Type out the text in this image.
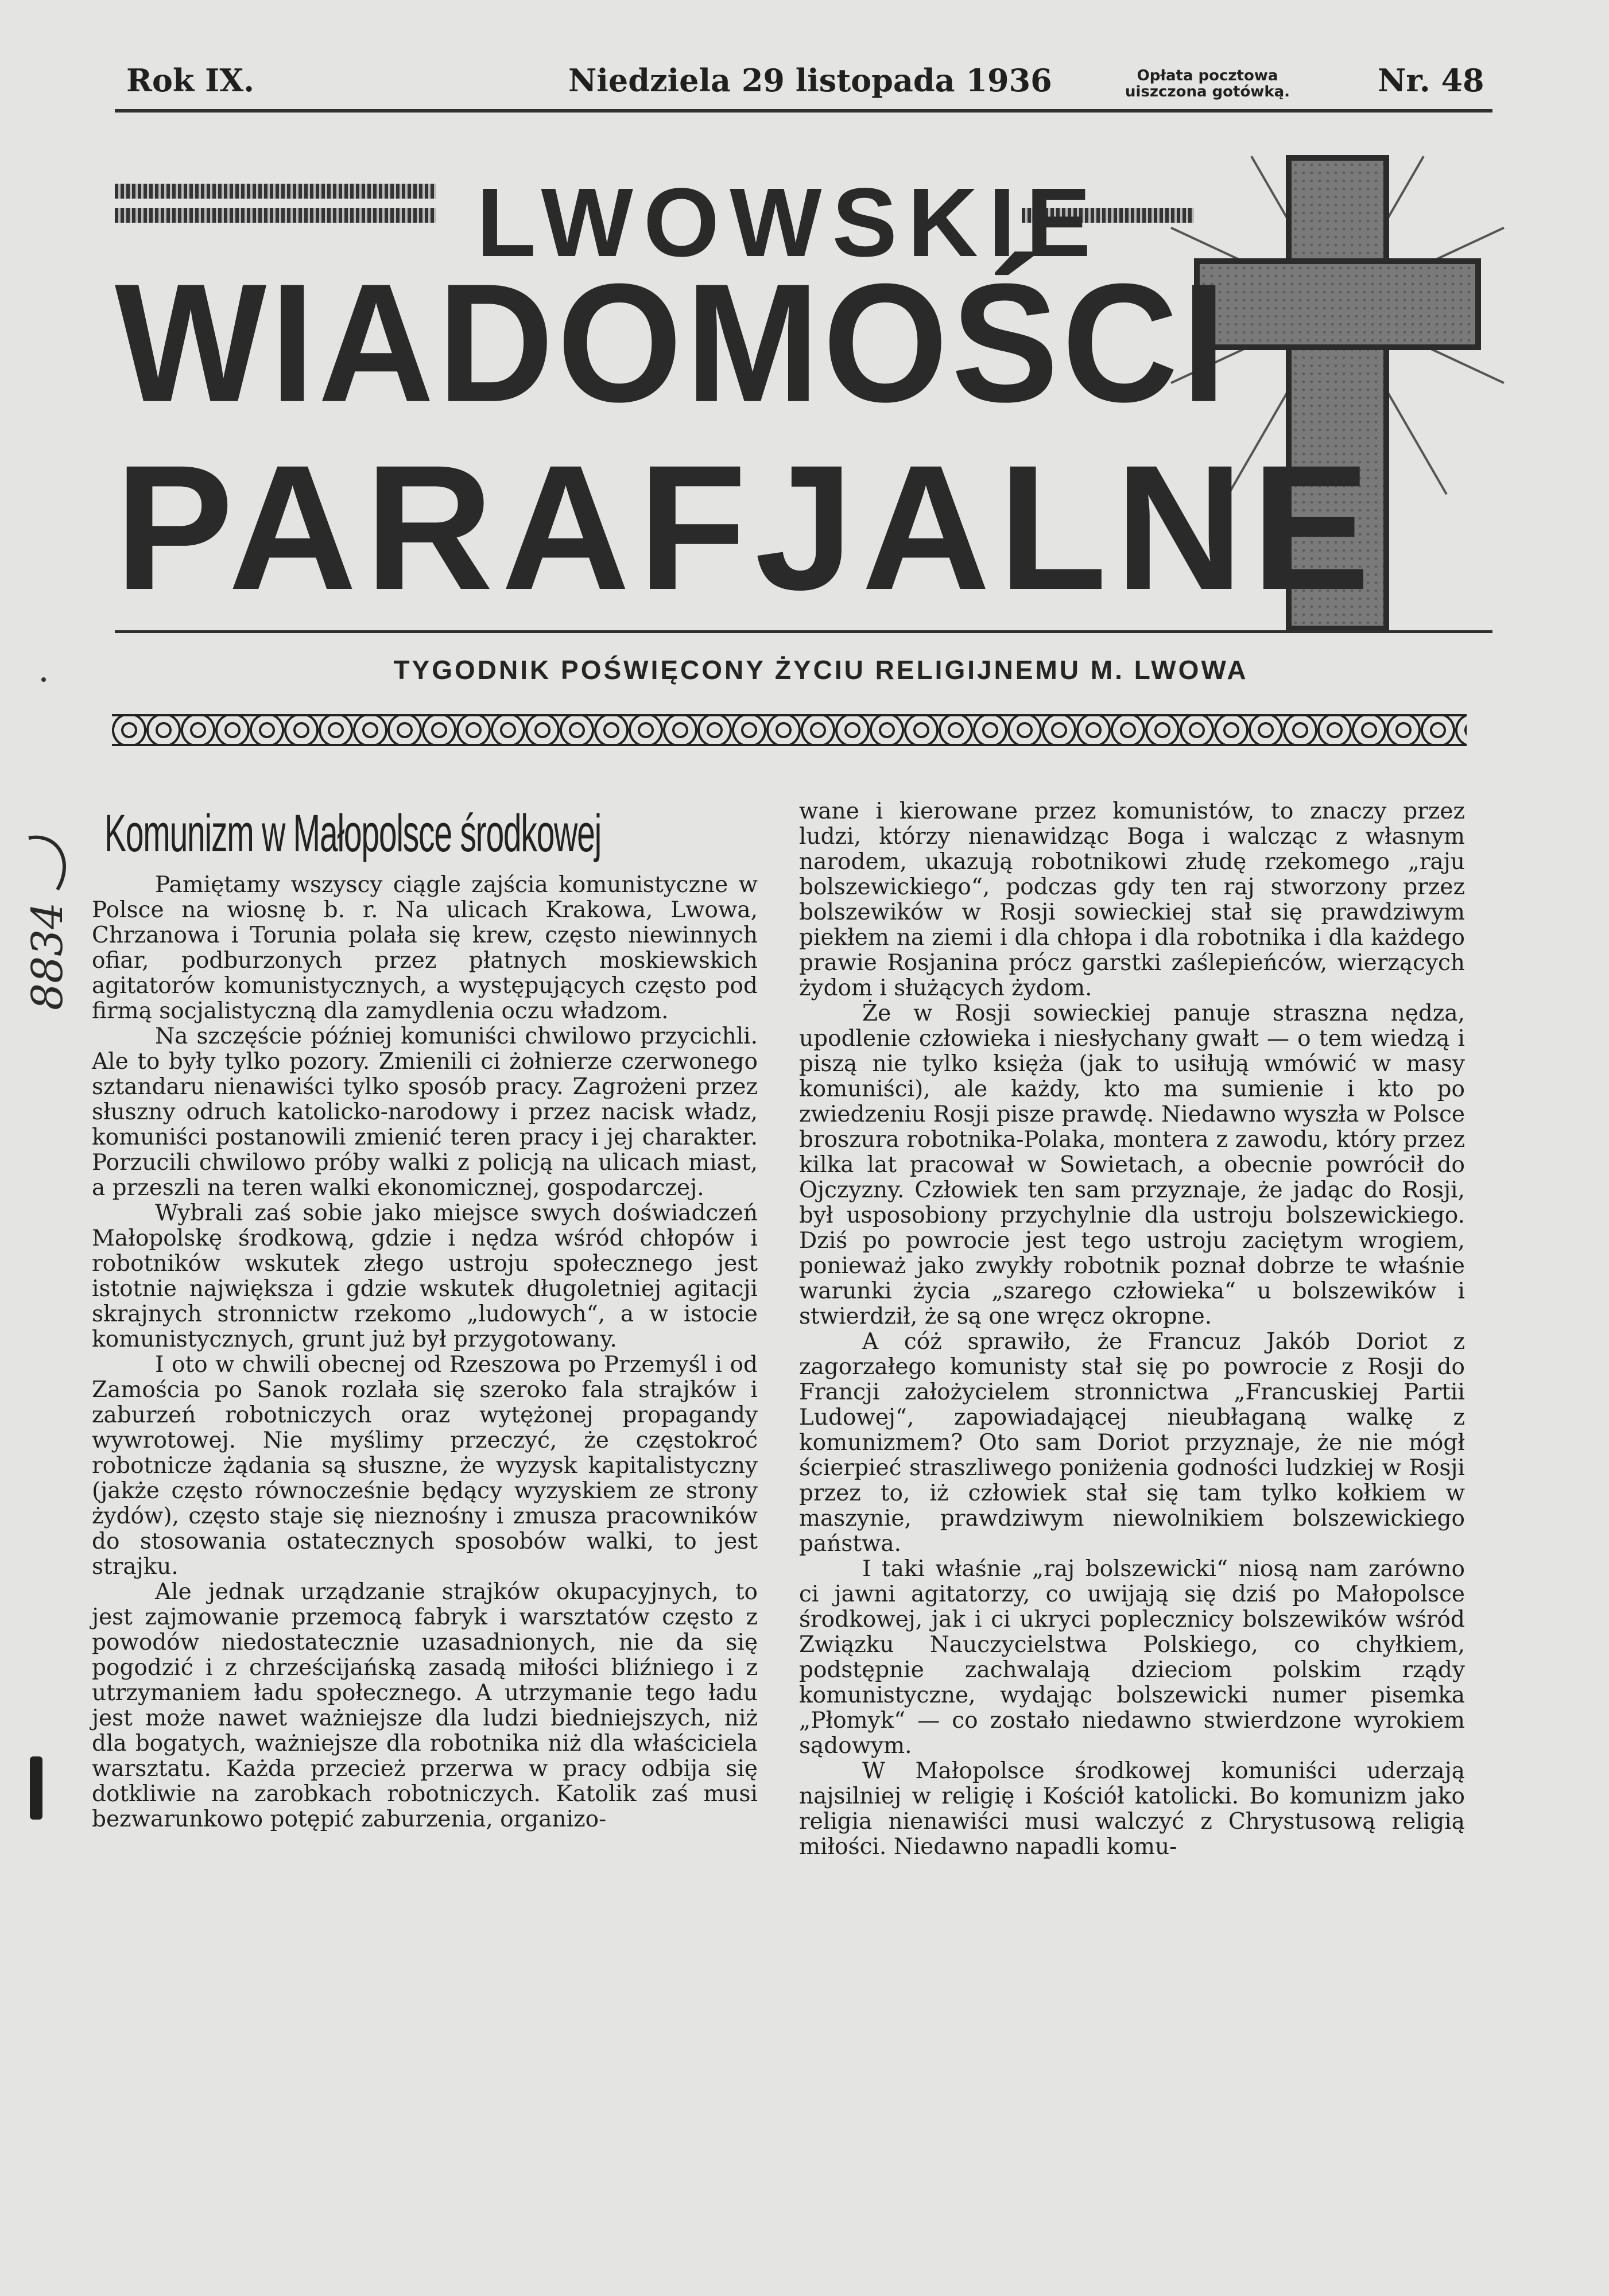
Rok IX.	Niedziela 29 listopada 1936	Opłata pocztowa
uiszczona gotówką.	Nr. 48
LWOWSKIE
WIADOMOŚCI
PARAFJALNE
TYGODNIK POŚWIĘCONY ŻYCIU RELIGIJNEMU M. LWOWA
8834
Komunizm w Małopolsce środkowej

Pamiętamy wszyscy ciągle zajścia komunistyczne w Polsce na wiosnę b. r. Na ulicach Krakowa, Lwowa, Chrzanowa i Torunia polała się krew, często niewinnych ofiar, podburzonych przez płatnych moskiewskich agitatorów komunistycznych, a występujących często pod firmą socjalistyczną dla zamydlenia oczu władzom.

Na szczęście później komuniści chwilowo przycichli. Ale to były tylko pozory. Zmienili ci żołnierze czerwonego sztandaru nienawiści tylko sposób pracy. Zagrożeni przez słuszny odruch katolicko-narodowy i przez nacisk władz, komuniści postanowili zmienić teren pracy i jej charakter. Porzucili chwilowo próby walki z policją na ulicach miast, a przeszli na teren walki ekonomicznej, gospodarczej.

Wybrali zaś sobie jako miejsce swych doświadczeń Małopolskę środkową, gdzie i nędza wśród chłopów i robotników wskutek złego ustroju społecznego jest istotnie największa i gdzie wskutek długoletniej agitacji skrajnych stronnictw rzekomo „ludowych“, a w istocie komunistycznych, grunt już był przygotowany.

I oto w chwili obecnej od Rzeszowa po Przemyśl i od Zamościa po Sanok rozlała się szeroko fala strajków i zaburzeń robotniczych oraz wytężonej propagandy wywrotowej. Nie myślimy przeczyć, że częstokroć robotnicze żądania są słuszne, że wyzysk kapitalistyczny (jakże często równocześnie będący wyzyskiem ze strony żydów), często staje się nieznośny i zmusza pracowników do stosowania ostatecznych sposobów walki, to jest strajku.

Ale jednak urządzanie strajków okupacyjnych, to jest zajmowanie przemocą fabryk i warsztatów często z powodów niedostatecznie uzasadnionych, nie da się pogodzić i z chrześcijańską zasadą miłości bliźniego i z utrzymaniem ładu społecznego. A utrzymanie tego ładu jest może nawet ważniejsze dla ludzi biedniejszych, niż dla bogatych, ważniejsze dla robotnika niż dla właściciela warsztatu. Każda przecież przerwa w pracy odbija się dotkliwie na zarobkach robotniczych. Katolik zaś musi bezwarunkowo potępić zaburzenia, organizo-

wane i kierowane przez komunistów, to znaczy przez ludzi, którzy nienawidząc Boga i walcząc z własnym narodem, ukazują robotnikowi złudę rzekomego „raju bolszewickiego“, podczas gdy ten raj stworzony przez bolszewików w Rosji sowieckiej stał się prawdziwym piekłem na ziemi i dla chłopa i dla robotnika i dla każdego prawie Rosjanina prócz garstki zaślepieńców, wierzących żydom i służących żydom.

Że w Rosji sowieckiej panuje straszna nędza, upodlenie człowieka i niesłychany gwałt — o tem wiedzą i piszą nie tylko księża (jak to usiłują wmówić w masy komuniści), ale każdy, kto ma sumienie i kto po zwiedzeniu Rosji pisze prawdę. Niedawno wyszła w Polsce broszura robotnika-Polaka, montera z zawodu, który przez kilka lat pracował w Sowietach, a obecnie powrócił do Ojczyzny. Człowiek ten sam przyznaje, że jadąc do Rosji, był usposobiony przychylnie dla ustroju bolszewickiego. Dziś po powrocie jest tego ustroju zaciętym wrogiem, ponieważ jako zwykły robotnik poznał dobrze te właśnie warunki życia „szarego człowieka“ u bolszewików i stwierdził, że są one wręcz okropne.

A cóż sprawiło, że Francuz Jakób Doriot z zagorzałego komunisty stał się po powrocie z Rosji do Francji założycielem stronnictwa „Francuskiej Partii Ludowej“, zapowiadającej nieubłaganą walkę z komunizmem? Oto sam Doriot przyznaje, że nie mógł ścierpieć straszliwego poniżenia godności ludzkiej w Rosji przez to, iż człowiek stał się tam tylko kołkiem w maszynie, prawdziwym niewolnikiem bolszewickiego państwa.

I taki właśnie „raj bolszewicki“ niosą nam zarówno ci jawni agitatorzy, co uwijają się dziś po Małopolsce środkowej, jak i ci ukryci poplecznicy bolszewików wśród Związku Nauczycielstwa Polskiego, co chyłkiem, podstępnie zachwalają dzieciom polskim rządy komunistyczne, wydając bolszewicki numer pisemka „Płomyk“ — co zostało niedawno stwierdzone wyrokiem sądowym.

W Małopolsce środkowej komuniści uderzają najsilniej w religię i Kościół katolicki. Bo komunizm jako religia nienawiści musi walczyć z Chrystusową religią miłości. Niedawno napadli komu-
